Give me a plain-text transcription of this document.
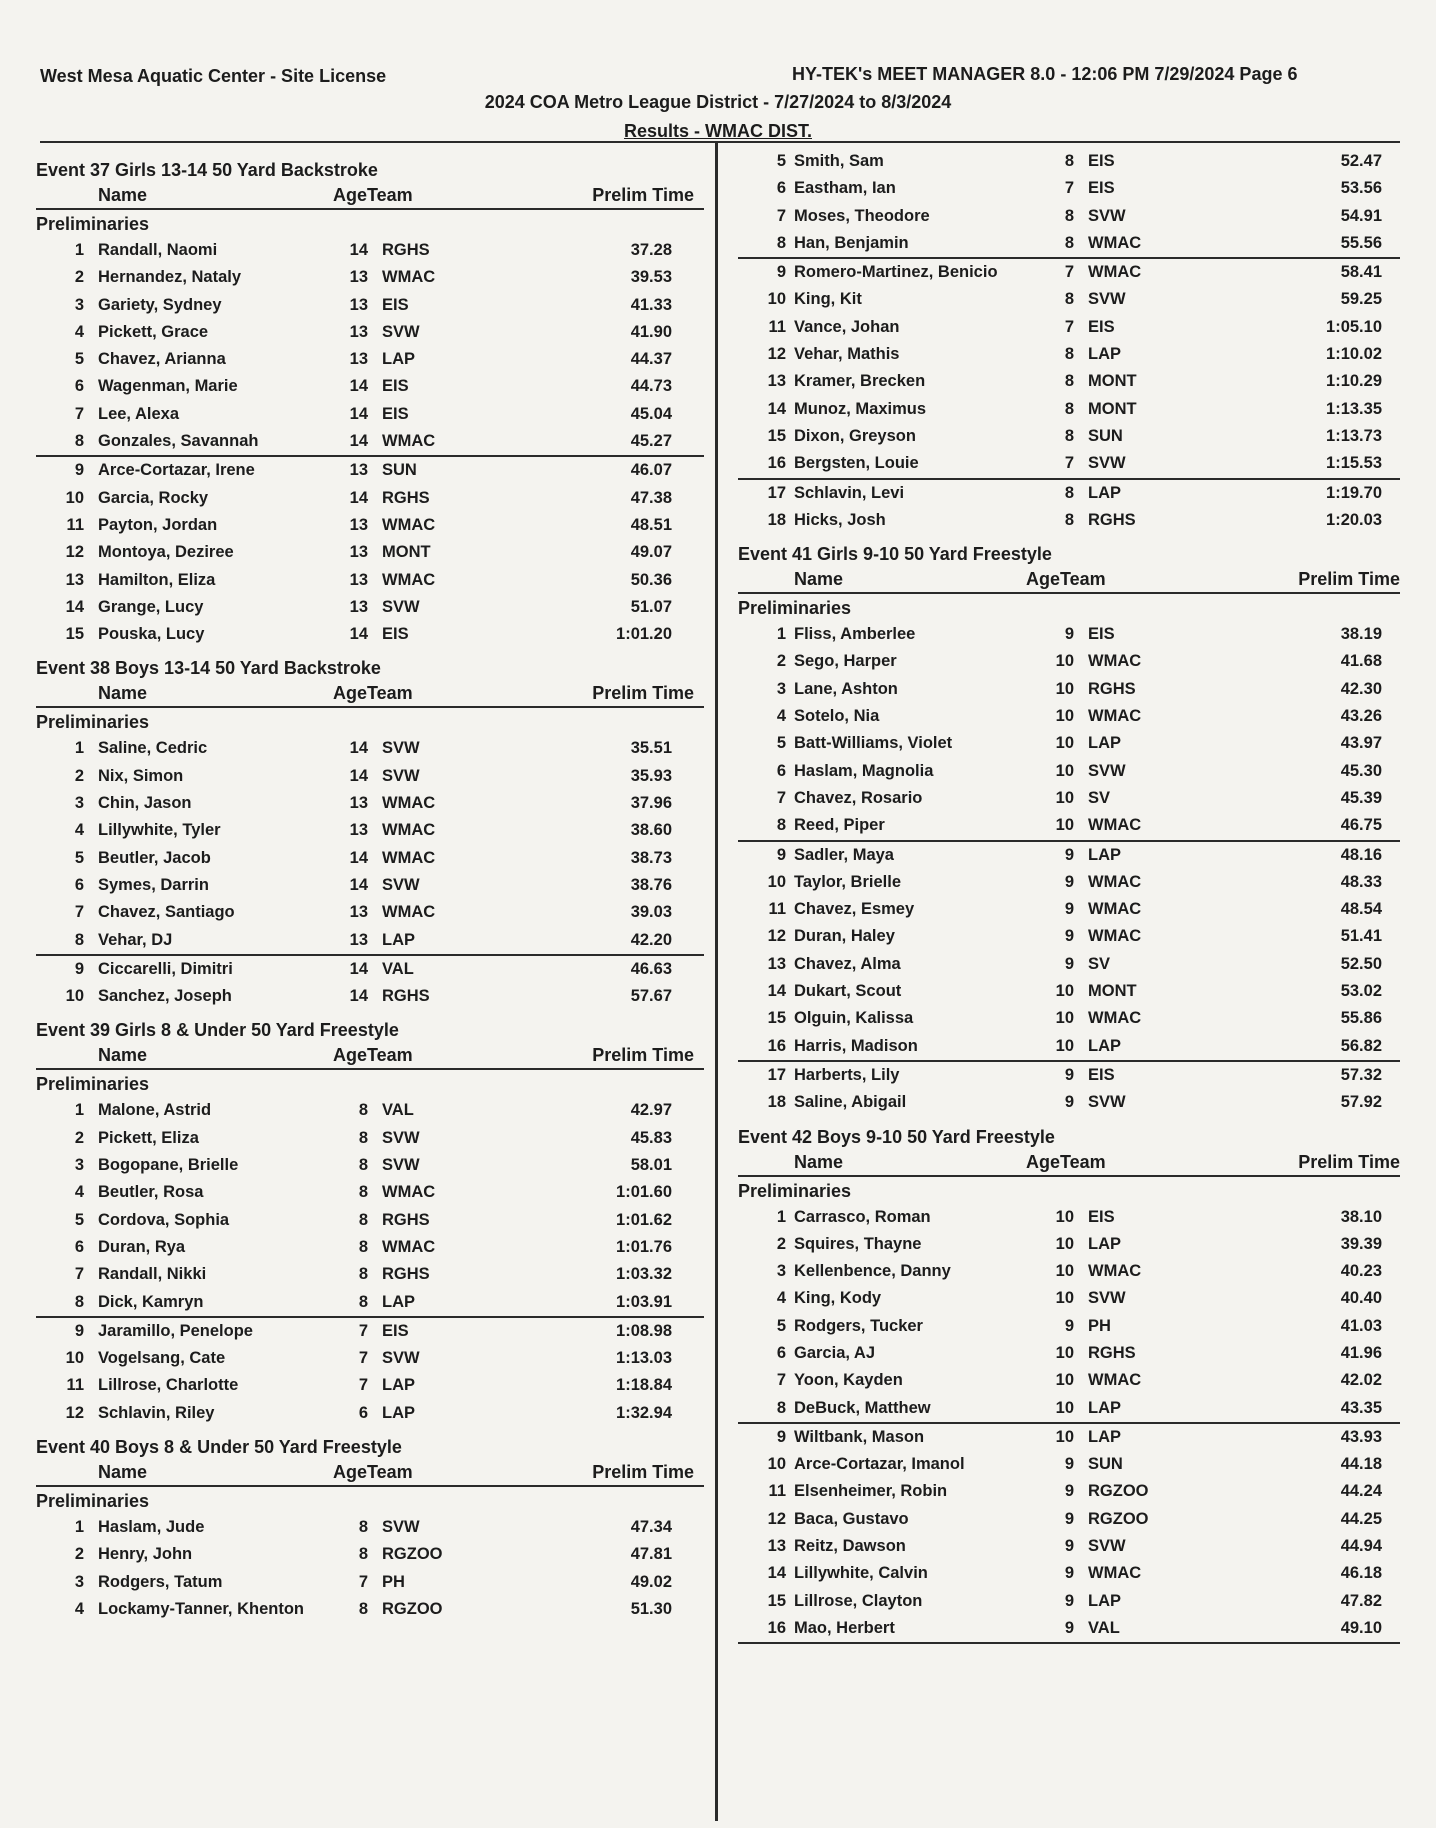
West Mesa Aquatic Center - Site License	HY-TEK's MEET MANAGER 8.0 - 12:06 PM 7/29/2024 Page 6
2024 COA Metro League District - 7/27/2024 to 8/3/2024
Results - WMAC DIST.
Event 37 Girls 13-14 50 Yard Backstroke
Name	AgeTeam	Prelim Time
Preliminaries
1 Randall, Naomi	14 RGHS	37.28
2 Hernandez, Nataly	13 WMAC	39.53
3 Gariety, Sydney	13 EIS	41.33
4 Pickett, Grace	13 SVW	41.90
5 Chavez, Arianna	13 LAP	44.37
6 Wagenman, Marie	14 EIS	44.73
7 Lee, Alexa	14 EIS	45.04
8 Gonzales, Savannah	14 WMAC	45.27
9 Arce-Cortazar, Irene	13 SUN	46.07
10 Garcia, Rocky	14 RGHS	47.38
11 Payton, Jordan	13 WMAC	48.51
12 Montoya, Deziree	13 MONT	49.07
13 Hamilton, Eliza	13 WMAC	50.36
14 Grange, Lucy	13 SVW	51.07
15 Pouska, Lucy	14 EIS	1:01.20
Event 38 Boys 13-14 50 Yard Backstroke
Name	AgeTeam	Prelim Time
Preliminaries
1 Saline, Cedric	14 SVW	35.51
2 Nix, Simon	14 SVW	35.93
3 Chin, Jason	13 WMAC	37.96
4 Lillywhite, Tyler	13 WMAC	38.60
5 Beutler, Jacob	14 WMAC	38.73
6 Symes, Darrin	14 SVW	38.76
7 Chavez, Santiago	13 WMAC	39.03
8 Vehar, DJ	13 LAP	42.20
9 Ciccarelli, Dimitri	14 VAL	46.63
10 Sanchez, Joseph	14 RGHS	57.67
Event 39 Girls 8 & Under 50 Yard Freestyle
Name	AgeTeam	Prelim Time
Preliminaries
1 Malone, Astrid	8 VAL	42.97
2 Pickett, Eliza	8 SVW	45.83
3 Bogopane, Brielle	8 SVW	58.01
4 Beutler, Rosa	8 WMAC	1:01.60
5 Cordova, Sophia	8 RGHS	1:01.62
6 Duran, Rya	8 WMAC	1:01.76
7 Randall, Nikki	8 RGHS	1:03.32
8 Dick, Kamryn	8 LAP	1:03.91
9 Jaramillo, Penelope	7 EIS	1:08.98
10 Vogelsang, Cate	7 SVW	1:13.03
11 Lillrose, Charlotte	7 LAP	1:18.84
12 Schlavin, Riley	6 LAP	1:32.94
Event 40 Boys 8 & Under 50 Yard Freestyle
Name	AgeTeam	Prelim Time
Preliminaries
1 Haslam, Jude	8 SVW	47.34
2 Henry, John	8 RGZOO	47.81
3 Rodgers, Tatum	7 PH	49.02
4 Lockamy-Tanner, Khenton	8 RGZOO	51.30
5 Smith, Sam	8 EIS	52.47
6 Eastham, Ian	7 EIS	53.56
7 Moses, Theodore	8 SVW	54.91
8 Han, Benjamin	8 WMAC	55.56
9 Romero-Martinez, Benicio	7 WMAC	58.41
10 King, Kit	8 SVW	59.25
11 Vance, Johan	7 EIS	1:05.10
12 Vehar, Mathis	8 LAP	1:10.02
13 Kramer, Brecken	8 MONT	1:10.29
14 Munoz, Maximus	8 MONT	1:13.35
15 Dixon, Greyson	8 SUN	1:13.73
16 Bergsten, Louie	7 SVW	1:15.53
17 Schlavin, Levi	8 LAP	1:19.70
18 Hicks, Josh	8 RGHS	1:20.03
Event 41 Girls 9-10 50 Yard Freestyle
Name	AgeTeam	Prelim Time
Preliminaries
1 Fliss, Amberlee	9 EIS	38.19
2 Sego, Harper	10 WMAC	41.68
3 Lane, Ashton	10 RGHS	42.30
4 Sotelo, Nia	10 WMAC	43.26
5 Batt-Williams, Violet	10 LAP	43.97
6 Haslam, Magnolia	10 SVW	45.30
7 Chavez, Rosario	10 SV	45.39
8 Reed, Piper	10 WMAC	46.75
9 Sadler, Maya	9 LAP	48.16
10 Taylor, Brielle	9 WMAC	48.33
11 Chavez, Esmey	9 WMAC	48.54
12 Duran, Haley	9 WMAC	51.41
13 Chavez, Alma	9 SV	52.50
14 Dukart, Scout	10 MONT	53.02
15 Olguin, Kalissa	10 WMAC	55.86
16 Harris, Madison	10 LAP	56.82
17 Harberts, Lily	9 EIS	57.32
18 Saline, Abigail	9 SVW	57.92
Event 42 Boys 9-10 50 Yard Freestyle
Name	AgeTeam	Prelim Time
Preliminaries
1 Carrasco, Roman	10 EIS	38.10
2 Squires, Thayne	10 LAP	39.39
3 Kellenbence, Danny	10 WMAC	40.23
4 King, Kody	10 SVW	40.40
5 Rodgers, Tucker	9 PH	41.03
6 Garcia, AJ	10 RGHS	41.96
7 Yoon, Kayden	10 WMAC	42.02
8 DeBuck, Matthew	10 LAP	43.35
9 Wiltbank, Mason	10 LAP	43.93
10 Arce-Cortazar, Imanol	9 SUN	44.18
11 Elsenheimer, Robin	9 RGZOO	44.24
12 Baca, Gustavo	9 RGZOO	44.25
13 Reitz, Dawson	9 SVW	44.94
14 Lillywhite, Calvin	9 WMAC	46.18
15 Lillrose, Clayton	9 LAP	47.82
16 Mao, Herbert	9 VAL	49.10
